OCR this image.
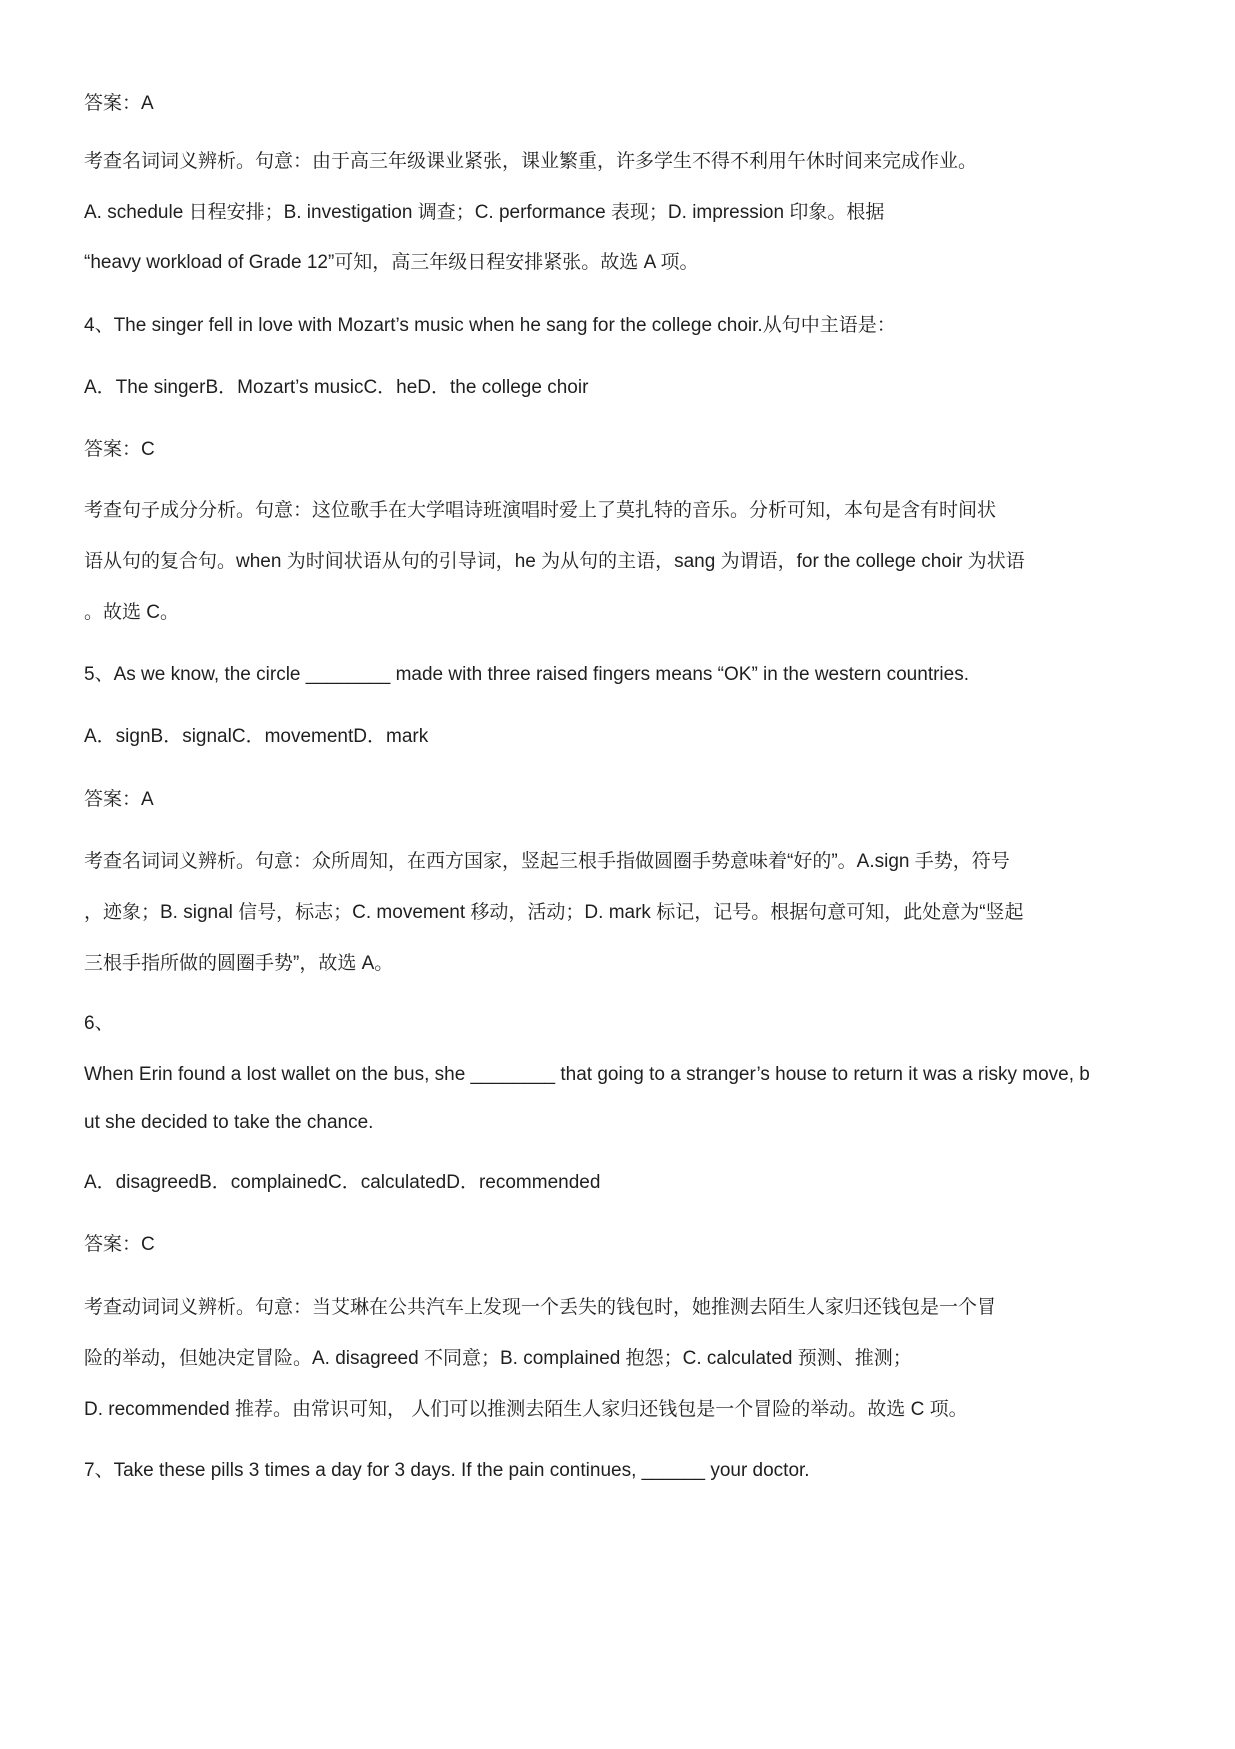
答案：A
考查名词词义辨析。句意：由于高三年级课业紧张，课业繁重，许多学生不得不利用午休时间来完成作业。
A. schedule 日程安排；B. investigation 调查；C. performance 表现；D. impression 印象。根据
“heavy workload of Grade 12”可知，高三年级日程安排紧张。故选 A 项。
4、The singer fell in love with Mozart’s music when he sang for the college choir.从句中主语是：
A．The singerB．Mozart’s musicC．heD．the college choir
答案：C
考查句子成分分析。句意：这位歌手在大学唱诗班演唱时爱上了莫扎特的音乐。分析可知，本句是含有时间状
语从句的复合句。when 为时间状语从句的引导词，he 为从句的主语，sang 为谓语，for the college choir 为状语
。故选 C。
5、As we know, the circle ________ made with three raised fingers means “OK” in the western countries.
A．signB．signalC．movementD．mark
答案：A
考查名词词义辨析。句意：众所周知，在西方国家，竖起三根手指做圆圈手势意味着“好的”。A.sign 手势，符号
，迹象；B. signal 信号，标志；C. movement 移动，活动；D. mark 标记，记号。根据句意可知，此处意为“竖起
三根手指所做的圆圈手势”，故选 A。
6、
When Erin found a lost wallet on the bus, she ________ that going to a stranger’s house to return it was a risky move, b
ut she decided to take the chance.
A．disagreedB．complainedC．calculatedD．recommended
答案：C
考查动词词义辨析。句意：当艾琳在公共汽车上发现一个丢失的钱包时，她推测去陌生人家归还钱包是一个冒
险的举动，但她决定冒险。A. disagreed 不同意；B. complained 抱怨；C. calculated 预测、推测；
D. recommended 推荐。由常识可知， 人们可以推测去陌生人家归还钱包是一个冒险的举动。故选 C 项。
7、Take these pills 3 times a day for 3 days. If the pain continues, ______ your doctor.
